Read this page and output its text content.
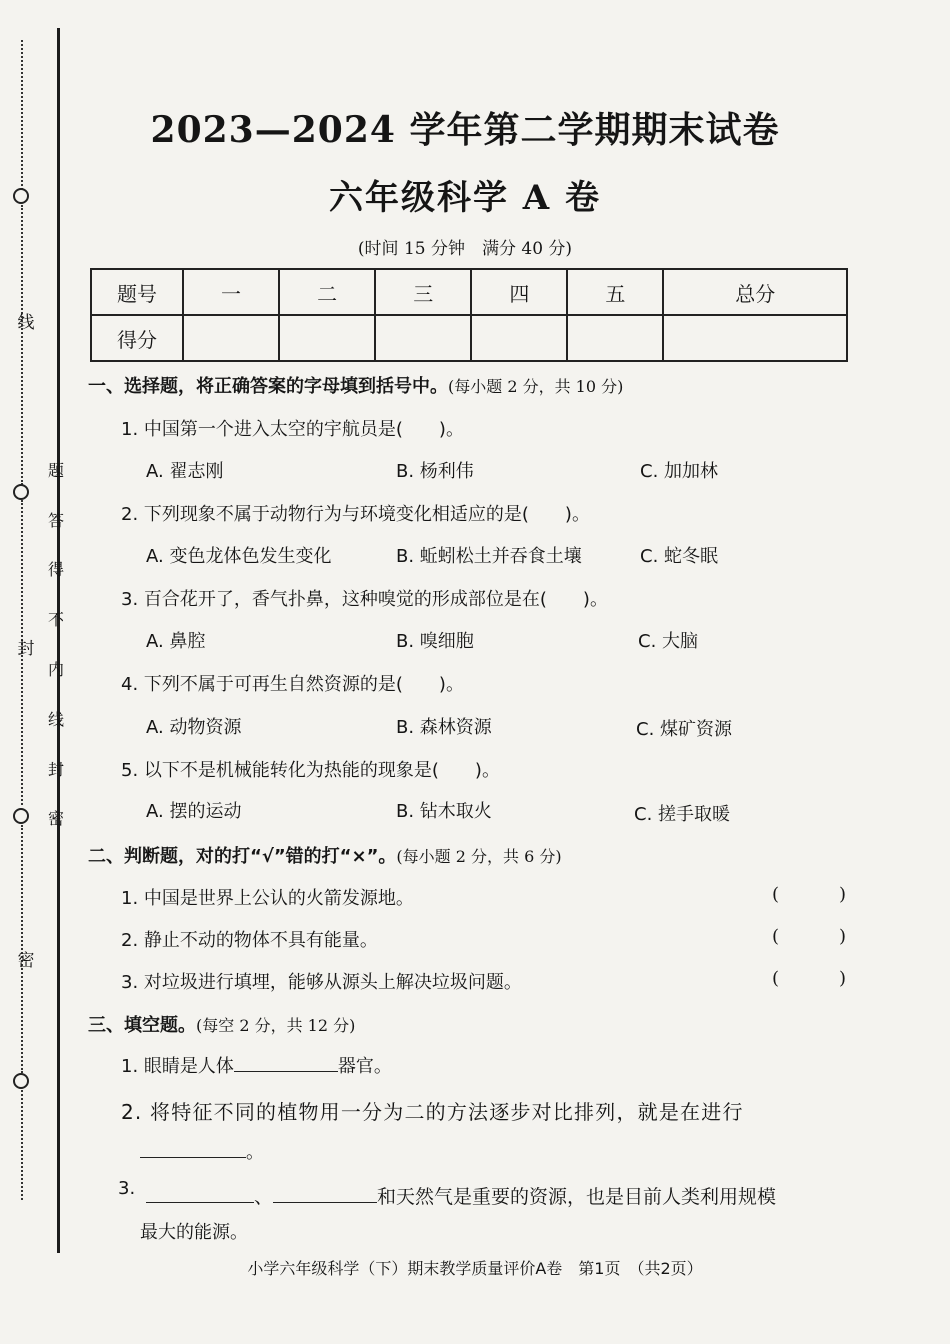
线
题
答
得
不
内
线
封
密
封
密
2023—2024 学年第二学期期末试卷
六年级科学 A 卷
(时间 15 分钟　满分 40 分)
题号	一	二	三	四	五	总分
得分						
一、选择题，将正确答案的字母填到括号中。(每小题 2 分，共 10 分)
1. 中国第一个进入太空的宇航员是(　　)。
A. 翟志刚	B. 杨利伟	C. 加加林
2. 下列现象不属于动物行为与环境变化相适应的是(　　)。
A. 变色龙体色发生变化	B. 蚯蚓松土并吞食土壤	C. 蛇冬眠
3. 百合花开了，香气扑鼻，这种嗅觉的形成部位是在(　　)。
A. 鼻腔	B. 嗅细胞	C. 大脑
4. 下列不属于可再生自然资源的是(　　)。
A. 动物资源	B. 森林资源	C. 煤矿资源
5. 以下不是机械能转化为热能的现象是(　　)。
A. 摆的运动	B. 钻木取火	C. 搓手取暖
二、判断题，对的打“√”错的打“×”。(每小题 2 分，共 6 分)
1. 中国是世界上公认的火箭发源地。	(	)
2. 静止不动的物体不具有能量。	(	)
3. 对垃圾进行填埋，能够从源头上解决垃圾问题。	(	)
三、填空题。(每空 2 分，共 12 分)
1. 眼睛是人体	器官。
2. 将特征不同的植物用一分为二的方法逐步对比排列，就是在进行
。
3.	、	和天然气是重要的资源，也是目前人类利用规模
最大的能源。
小学六年级科学（下）期末教学质量评价A卷　第1页　（共2页）
